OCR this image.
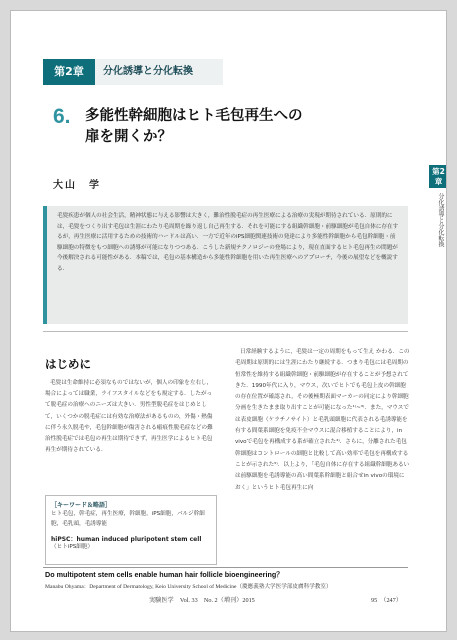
第2章	分化誘導と分化転換
6. 多能性幹細胞はヒト毛包再生への
扉を開くか？
大山　学

毛髪疾患が個人の社会生活，精神状態に与える影響は大きく，難治性脱毛症の再生医療による治療の実現が期待されている．原則的には，毛髪をつくり出す毛包は生涯にわたり毛周期を繰り返し自己再生する．それを可能にする組織幹細胞・前駆細胞が毛包自体に存在するが，再生医療に活用するための技術的ハードルは高い．一方で近年のiPS細胞関連技術の発達により多能性幹細胞から毛包幹細胞・前駆細胞の特徴をもつ細胞への誘導が可能になりつつある．こうした新規テクノロジーの登場により，現在直面するヒト毛包再生の問題が今後解決される可能性がある．本稿では，毛包の基本構造から多能性幹細胞を用いた再生医療へのアプローチ，今後の展望などを概説する．

はじめに

毛髪は生命維持に必須なものではないが，個人の印象を左右し，場合によっては職業，ライフスタイルなどをも規定する．したがって脱毛症の治療へのニーズは大きい．男性型脱毛症をはじめとして，いくつかの脱毛症には有効な治療法があるものの，外傷・熱傷に伴う永久脱毛や，毛包幹細胞が傷害される瘢痕性脱毛症などの難治性脱毛症では毛包の再生は期待できず，再生医学によるヒト毛包再生が期待されている．

［キーワード＆略語］
ヒト毛包，幹毛症，再生医療，幹細胞，iPS細胞，バルジ幹細胞，毛乳頭，毛誘導能
hiPSC：human induced pluripotent stem cell
（ヒトiPS細胞）

日常経験するように，毛髪は一定の周期をもって生え かわる．この毛周期は原則的には生涯にわたり継続する．つまり毛包には毛周期の恒常性を維持する組織幹細胞・前駆細胞が存在することが予想されてきた．1990年代に入り，マウス，次いでヒトでも毛包上皮の幹細胞の存在位置が確認され，その後極期表面マーカーの同定により幹細胞分画を生きたまま取り出すことが可能になった¹⁾~³⁾．また，マウスでは表皮細胞（ケラチノサイト）と毛乳頭細胞に代表される毛誘導能を有する間葉系細胞を免疫不全マウスに混合移植することにより，in vivoで毛包を再構成する系が確立された⁴⁾．さらに，分離された毛包幹細胞はコントロールの細胞と比較して高い効率で毛包を再構成することが示された⁵⁾．以上より，「毛包自体に存在する組織幹細胞あるいは前駆細胞を毛誘導能の高い間葉系幹細胞と組合せin vivoの環境におく」というヒト毛包再生に向

Do multipotent stem cells enable human hair follicle bioengineering？
Manabu Ohyama：Department of Dermatology, Keio University School of Medicine（慶應義塾大学医学部皮膚科学教室）
実験医学　Vol. 33　No. 2（増刊）2015	95　（247）
第2章
分化誘導と分化転換
